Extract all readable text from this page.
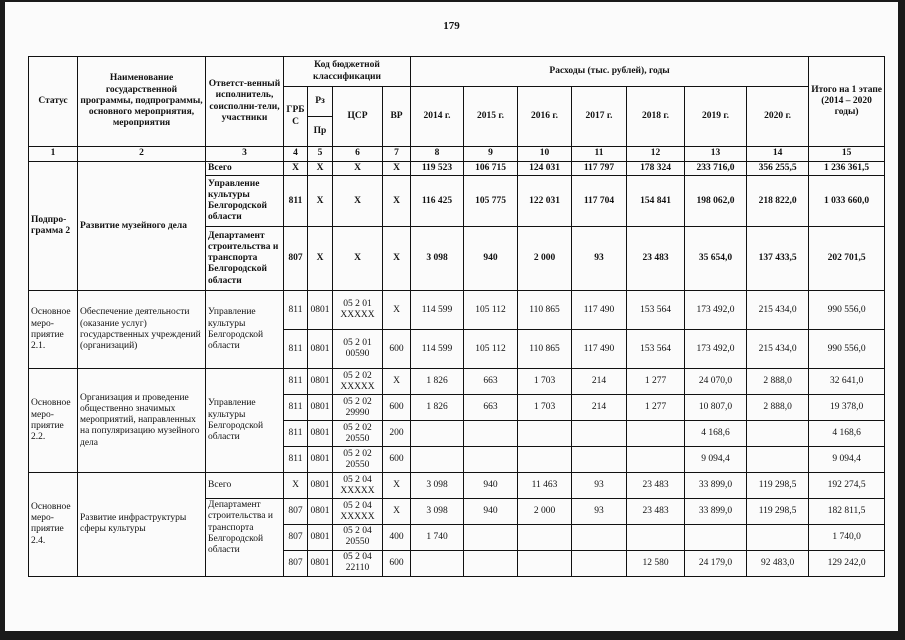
179
Статус	Наименование государственной программы, подпрограммы, основного мероприятия, мероприятия	Ответст-венный исполнитель, соисполни-тели, участники	Код бюджетной классификации				Расходы (тыс. рублей), годы							Итого на 1 этапе (2014 – 2020 годы)
			ГРБ С	Рз	ЦСР	ВР	2014 г.	2015 г.	2016 г.	2017 г.	2018 г.	2019 г.	2020 г.	
				Пр										
1	2	3	4	5	6	7	8	9	10	11	12	13	14	15
Подпро-грамма 2	Развитие музейного дела	Всего	Х	Х	Х	Х	119 523	106 715	124 031	117 797	178 324	233 716,0	356 255,5	1 236 361,5
		Управление культуры Белгородской области	811	Х	Х	Х	116 425	105 775	122 031	117 704	154 841	198 062,0	218 822,0	1 033 660,0
		Департамент строительства и транспорта Белгородской области	807	Х	Х	Х	3 098	940	2 000	93	23 483	35 654,0	137 433,5	202 701,5
Основное меро-приятие 2.1.	Обеспечение деятельности (оказание услуг) государственных учреждений (организаций)	Управление культуры Белгородской области	811	0801	05 2 01 ХХХХХ	Х	114 599	105 112	110 865	117 490	153 564	173 492,0	215 434,0	990 556,0
			811	0801	05 2 01 00590	600	114 599	105 112	110 865	117 490	153 564	173 492,0	215 434,0	990 556,0
Основное меро-приятие 2.2.	Организация и проведение общественно значимых мероприятий, направленных на популяризацию музейного дела	Управление культуры Белгородской области	811	0801	05 2 02 ХХХХХ	Х	1 826	663	1 703	214	1 277	24 070,0	2 888,0	32 641,0
			811	0801	05 2 02 29990	600	1 826	663	1 703	214	1 277	10 807,0	2 888,0	19 378,0
			811	0801	05 2 02 20550	200						4 168,6		4 168,6
			811	0801	05 2 02 20550	600						9 094,4		9 094,4
Основное меро-приятие 2.4.	Развитие инфраструктуры сферы культуры	Всего	Х	0801	05 2 04 ХХХХХ	Х	3 098	940	11 463	93	23 483	33 899,0	119 298,5	192 274,5
		Департамент строительства и транспорта Белгородской области	807	0801	05 2 04 ХХХХХ	Х	3 098	940	2 000	93	23 483	33 899,0	119 298,5	182 811,5
			807	0801	05 2 04 20550	400	1 740							1 740,0
			807	0801	05 2 04 22110	600					12 580	24 179,0	92 483,0	129 242,0
